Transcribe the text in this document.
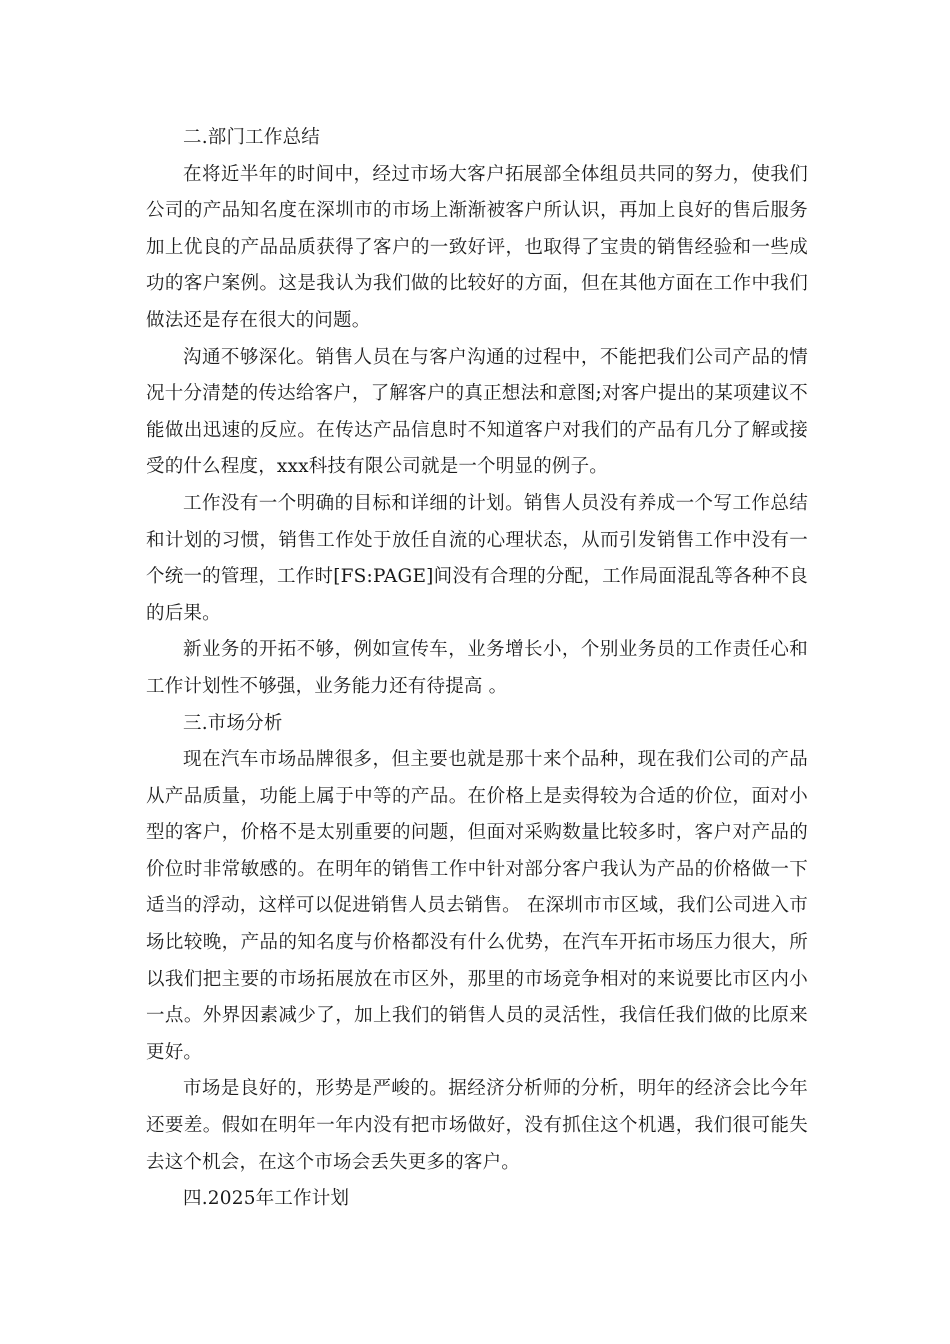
二.部门工作总结

在将近半年的时间中，经过市场大客户拓展部全体组员共同的努力，使我们公司的产品知名度在深圳市的市场上渐渐被客户所认识，再加上良好的售后服务加上优良的产品品质获得了客户的一致好评，也取得了宝贵的销售经验和一些成功的客户案例。这是我认为我们做的比较好的方面，但在其他方面在工作中我们做法还是存在很大的问题。

沟通不够深化。销售人员在与客户沟通的过程中，不能把我们公司产品的情况十分清楚的传达给客户，了解客户的真正想法和意图;对客户提出的某项建议不能做出迅速的反应。在传达产品信息时不知道客户对我们的产品有几分了解或接受的什么程度，xxx科技有限公司就是一个明显的例子。

工作没有一个明确的目标和详细的计划。销售人员没有养成一个写工作总结和计划的习惯，销售工作处于放任自流的心理状态，从而引发销售工作中没有一个统一的管理，工作时[FS:PAGE]间没有合理的分配，工作局面混乱等各种不良的后果。

新业务的开拓不够，例如宣传车，业务增长小，个别业务员的工作责任心和工作计划性不够强，业务能力还有待提高 。

三.市场分析

现在汽车市场品牌很多，但主要也就是那十来个品种，现在我们公司的产品从产品质量，功能上属于中等的产品。在价格上是卖得较为合适的价位，面对小型的客户，价格不是太别重要的问题，但面对采购数量比较多时，客户对产品的价位时非常敏感的。在明年的销售工作中针对部分客户我认为产品的价格做一下适当的浮动，这样可以促进销售人员去销售。 在深圳市市区域，我们公司进入市场比较晚，产品的知名度与价格都没有什么优势，在汽车开拓市场压力很大，所以我们把主要的市场拓展放在市区外，那里的市场竞争相对的来说要比市区内小一点。外界因素减少了，加上我们的销售人员的灵活性，我信任我们做的比原来更好。

市场是良好的，形势是严峻的。据经济分析师的分析，明年的经济会比今年还要差。假如在明年一年内没有把市场做好，没有抓住这个机遇，我们很可能失去这个机会，在这个市场会丢失更多的客户。

四.2025年工作计划
